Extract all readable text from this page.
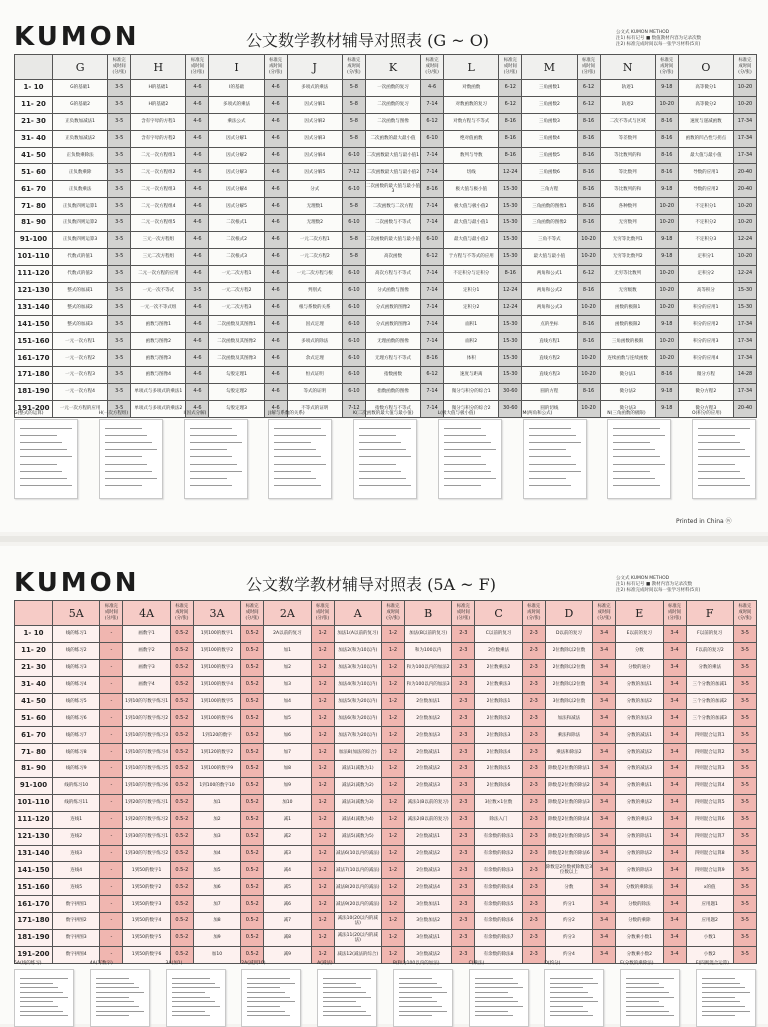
KUMON	公文数学教材辅导对照表 (G ~ O)	公文式 KUMON METHOD
注1) 标有记号 ■ 数值教材内容为记录次数
注2) 标准完成时间以每一张学习材料(5页)
	G	标准完
成时间
(分/张)	H	标准完
成时间
(分/张)	I	标准完
成时间
(分/张)	J	标准完
成时间
(分/张)	K	标准完
成时间
(分/张)	L	标准完
成时间
(分/张)	M	标准完
成时间
(分/张)	N	标准完
成时间
(分/张)	O	标准完
成时间
(分/张)
1- 10	G的基础1	3-5	H的基础1	4-6	I的基础	4-6	多项式的乘法	5-8	一次函数的复习	4-6	对数函数	6-12	三角函数1	6-12	轨迹1	9-18	高等微分1	10-20
11- 20	G的基础2	3-5	H的基础2	4-6	多项式的乘法	4-6	因式分解1	5-8	二次函数的复习	7-14	对数函数的复习	6-12	三角函数2	6-12	轨迹2	10-20	高等微分2	10-20
21- 30	正负数加减法1	3-5	含有字母的方程1	4-6	乘法公式	4-6	因式分解2	5-8	二次函数与图像	6-12	对数方程与不等式	8-16	三角函数3	8-16	二次不等式与区域	8-16	速度与递减函数	17-34
31- 40	正负数加减法2	3-5	含有字母的方程2	4-6	因式分解1	4-6	因式分解3	5-8	二次函数的最大最小值	6-10	绝对值函数	8-16	三角函数4	8-16	等差数列	8-16	函数的凹凸性与拐点	17-34
41- 50	正负数乘除法	3-5	二元一次方程组1	4-6	因式分解2	4-6	因式分解4	6-10	二次函数最大值与最小值1	7-14	数列与导数	8-16	三角函数5	8-16	等比数列的和	8-16	最大值与最小值	17-34
51- 60	正负数乘除	3-5	二元一次方程组2	4-6	因式分解3	4-6	因式分解5	7-12	二次函数最大值与最小值2	7-14	切线	12-24	三角函数6	8-16	等比数列	8-16	导数的应用1	20-40
61- 70	正负数乘法	3-5	二元一次方程组3	4-6	因式分解4	4-6	分式	6-10	二次函数的最大值与最小值3	8-16	极大值与极小值	15-30	三角方程	8-16	等比数列的和	9-18	导数的应用2	20-40
71- 80	正负数四则运算1	3-5	二元一次方程组4	4-6	因式分解5	4-6	无理数1	5-8	二次函数与二次方程	7-14	极大值与极小值2	15-30	三角函数的图像1	8-16	各种数列	10-20	不定积分1	10-20
81- 90	正负数四则运算2	3-5	二元一次方程组5	4-6	二次根式1	4-6	无理数2	6-10	二次函数与不等式	7-14	最大值与最小值1	15-30	三角函数的图像2	8-16	无穷数列	10-20	不定积分2	10-20
91-100	正负数四则运算3	3-5	三元一次方程组	4-6	二次根式2	4-6	一元二次方程1	5-8	二次函数的最大值与最小值	6-10	最大值与最小值2	15-30	三角不等式	10-20	无穷等比数列1	9-18	不定积分3	12-24
101-110	代数式的值1	3-5	三元二次方程组	4-6	二次根式3	4-6	一元二次方程2	5-8	高次函数	6-12	于方程与不等式的应用	15-30	最大值与最小值	10-20	无穷等比数列2	9-18	定积分1	10-20
111-120	代数式的值2	3-5	二元一次方程的应用	4-6	一元二次方程1	4-6	一元二次方程与根	6-10	高次方程与不等式	7-14	不定积分与定积分	8-16	两角和公式1	6-12	无穷等比数列	10-20	定积分2	12-24
121-130	整式的加减1	3-5	一元一次不等式	3-5	一元二次方程2	4-6	判别式	6-10	分式函数与图像	7-14	定积分1	12-24	两角和公式2	8-16	无穷级数	10-20	高等积分	15-30
131-140	整式的加减2	3-5	一元一次不等式组	4-6	一元二次方程3	4-6	根与系数的关系	6-10	分式函数的图像2	7-14	定积分2	12-24	两角和公式3	10-20	函数的极限1	10-20	积分的应用1	15-30
141-150	整式的加减3	3-5	函数与图像1	4-6	二次函数及其图像1	4-6	因式定理	6-10	分式函数的图像3	7-14	面积1	15-30	点的坐标	8-16	函数的极限2	9-18	积分的应用2	17-34
151-160	一元一次方程1	3-5	函数与图像2	4-6	二次函数及其图像2	4-6	多项式的除法	6-10	无理函数的图像	7-14	面积2	15-30	直线方程1	8-16	三角函数的极限	10-20	积分的应用3	17-34
161-170	一元一次方程2	3-5	函数与图像3	4-6	二次函数及其图像3	4-6	余式定理	6-10	无理方程与不等式	8-16	体积	15-30	直线方程2	10-20	连续函数与连续函数	10-20	积分的应用4	17-34
171-180	一元一次方程3	3-5	函数与图像4	4-6	勾股定理1	4-6	恒式证明	6-10	指数函数	6-12	速度与距离	15-30	直线方程3	10-20	微分法1	8-16	微分方程	14-28
181-190	一元一次方程4	3-5	单项式与多项式的乘法1	4-6	勾股定理2	4-6	等式的证明	6-10	指数函数的图像	7-14	微分与积分的综合1	30-60	圆的方程	8-16	微分法2	9-18	微分方程2	17-34
191-200	一元一次方程的应用	3-5	单项式与多项式的乘法2	4-6	勾股定理3	4-6	不等式的证明	7-12	指数方程与不等式	7-14	微分与积分的综合2	30-60	圆的切线	10-20	微分法3	9-18	微分方程3	20-40
G(整式的运算)	H(一次方程组)	I(因式分解)	J(解与系数的关系)	K(二次函数的最大值与最小值)	L(极大值与极小值)	M(两角和公式)	N(三角函数的极限)	O(积分的应用)
Printed in China ⓦ
KUMON	公文数学教材辅导对照表 (5A ~ F)	公文式 KUMON METHOD
注1) 标有记号 ■ 教材内容为记录次数
注2) 标准完成时间以每一张学习材料(5页)
	5A	标准完
成时间
(分/张)	4A	标准完
成时间
(分/张)	3A	标准完
成时间
(分/张)	2A	标准完
成时间
(分/张)	A	标准完
成时间
(分/张)	B	标准完
成时间
(分/张)	C	标准完
成时间
(分/张)	D	标准完
成时间
(分/张)	E	标准完
成时间
(分/张)	F	标准完
成时间
(分/张)
1- 10	线的练习1	-	画数字1	0.5-2	1到100的数字1	0.5-2	2A以前的复习	1-2	加法1(A以前的复习)	1-2	加法(B以前的复习)	2-3	C以前的复习	2-3	D以前的复习	3-4	E以前的复习	3-4	F以前的复习	3-5
11- 20	线的练习2	-	画数字2	0.5-2	1到100的数字2	0.5-2	加1	1-2	加法2(和为10以内)	1-2	和为100以内	2-3	2位数乘法	2-3	2位数除以2位数	3-4	分数	3-4	F以前的复习2	3-5
21- 30	线的练习3	-	画数字3	0.5-2	1到100的数字3	0.5-2	加2	1-2	加法3(和为10以内)	1-2	和为100以内的加法2	2-3	2位数乘法2	2-3	2位数除以2位数	3-4	分数的通分	3-4	分数的乘法	3-5
31- 40	线的练习4	-	画数字4	0.5-2	1到100的数字4	0.5-2	加3	1-2	加法4(和为10以内)	1-2	和为100以内的加法3	2-3	2位数乘法3	2-3	2位数除以2位数	3-4	分数的加法1	3-4	三个分数的加减1	3-5
41- 50	线的练习5	-	1到10的写数字练习1	0.5-2	1到100的数字5	0.5-2	加4	1-2	加法5(和为20以内)	1-2	2位数加法1	2-3	2位数除法1	2-3	3位数除以2位数	3-4	分数的加法2	3-4	三个分数的加减2	3-5
51- 60	线的练习6	-	1到10的写数字练习2	0.5-2	1到100的数字6	0.5-2	加5	1-2	加法6(和为20以内)	1-2	2位数加法2	2-3	2位数除法2	2-3	加法和减法	3-4	分数的加法3	3-4	三个分数的加减3	3-5
61- 70	线的练习7	-	1到10的写数字练习3	0.5-2	1到120的数字	0.5-2	加6	1-2	加法7(和为20以内)	1-2	2位数加法3	2-3	2位数除法3	2-3	乘法和除法	3-4	分数的减法1	3-4	四则混合运算1	3-5
71- 80	线的练习8	-	1到10的写数字练习4	0.5-2	1到120的数字2	0.5-2	加7	1-2	加法8(加法的综合)	1-2	2位数减法1	2-3	2位数除法4	2-3	乘法和除法2	3-4	分数的减法2	3-4	四则混合运算2	3-5
81- 90	线的练习9	-	1到10的写数字练习5	0.5-2	1到100的数字9	0.5-2	加8	1-2	减法1(减数为1)	1-2	2位数减法2	2-3	2位数除法5	2-3	除数是2位数的除法1	3-4	分数的减法3	3-4	四则混合运算3	3-5
91-100	线的练习10	-	1到10的写数字练习6	0.5-2	1到100的数字10	0.5-2	加9	1-2	减法2(减数为2)	1-2	2位数减法3	2-3	2位数除法6	2-3	除数是2位数的除法2	3-4	分数的乘法1	3-4	四则混合运算4	3-5
101-110	线的练习11	-	1到20的写数字练习1	0.5-2	加1	0.5-2	加10	1-2	减法3(减数为3)	1-2	减法1(B以前的复习)	2-3	3位数×1位数	2-3	除数是2位数的除法3	3-4	分数的乘法2	3-4	四则混合运算5	3-5
111-120	连线1	-	1到20的写数字练习2	0.5-2	加2	0.5-2	减1	1-2	减法4(减数为4)	1-2	减法2(B以前的复习)	2-3	除法入门	2-3	除数是2位数的除法4	3-4	分数的乘法3	3-4	四则混合运算6	3-5
121-130	连线2	-	1到30的写数字练习1	0.5-2	加3	0.5-2	减2	1-2	减法5(减数为5)	1-2	2位数减法1	2-3	有余数的除法1	2-3	除数是2位数的除法5	3-4	分数的除法1	3-4	四则混合运算7	3-5
131-140	连线3	-	1到30的写数字练习2	0.5-2	加4	0.5-2	减3	1-2	减法6(10以内的减法)	1-2	2位数减法2	2-3	有余数的除法2	2-3	除数是2位数的除法6	3-4	分数的除法2	3-4	四则混合运算8	3-5
141-150	连线4	-	1到50的数字1	0.5-2	加5	0.5-2	减4	1-2	减法7(10以内的减法)	1-2	2位数减法3	2-3	有余数的除法3	2-3	除数是2位数被除数是3位数以上	3-4	分数的除法3	3-4	四则混合运算9	3-5
151-160	连线5	-	1到50的数字2	0.5-2	加6	0.5-2	减5	1-2	减法8(20以内的减法)	1-2	2位数减法4	2-3	有余数的除法4	2-3	分数	3-4	分数的乘除法	3-4	x的值	3-5
161-170	数字拼图1	-	1到50的数字3	0.5-2	加7	0.5-2	减6	1-2	减法9(20以内的减法)	1-2	3位数加法1	2-3	有余数的除法5	2-3	约分1	3-4	分数的除法	3-4	应用题1	3-5
171-180	数字拼图2	-	1到50的数字4	0.5-2	加8	0.5-2	减7	1-2	减法10(20以内的减法)	1-2	3位数加法2	2-3	有余数的除法6	2-3	约分2	3-4	分数的乘除	3-4	应用题2	3-5
181-190	数字拼图3	-	1到50的数字5	0.5-2	加9	0.5-2	减8	1-2	减法11(20以内的减法)	1-2	3位数减法1	2-3	有余数的除法7	2-3	约分3	3-4	分数乘小数1	3-4	小数1	3-5
191-200	数字拼图4	-	1到50的数字6	0.5-2	加10	0.5-2	减9	1-2	减法12(减法的综合)	1-2	3位数减法2	2-3	有余数的除法8	2-3	约分4	3-4	分数乘小数2	3-4	小数2	3-5
5A(线的练习)	4A(写数字)	3A(加1)	2A(减到10)	A(减法)	B(和为100以内的加法)	C(乘法)	D(约分)	E(分数的乘除法)	F(四则混合运算)
